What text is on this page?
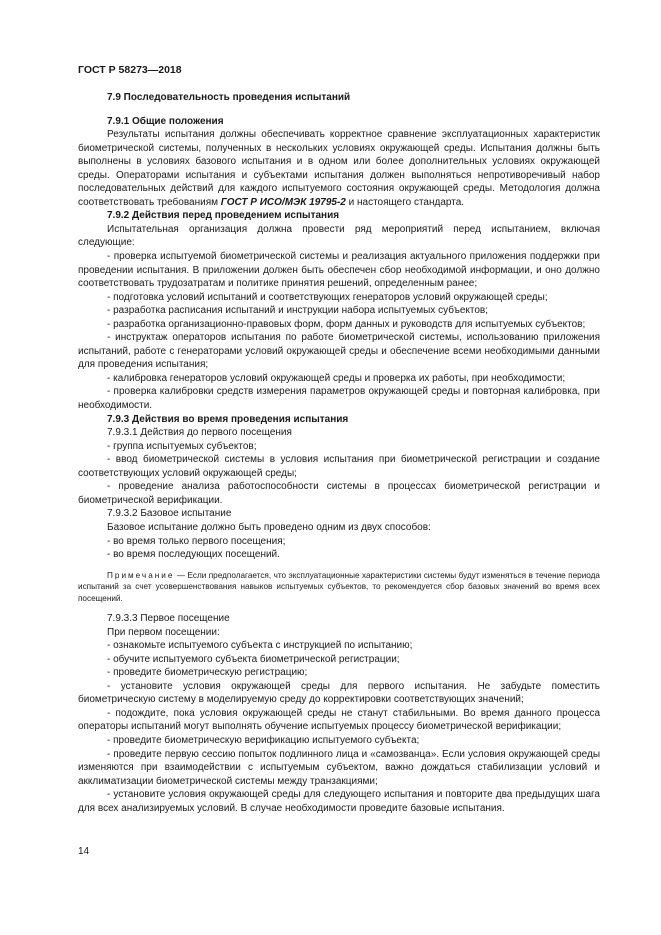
ГОСТ Р 58273—2018

7.9 Последовательность проведения испытаний

7.9.1 Общие положения

Результаты испытания должны обеспечивать корректное сравнение эксплуатационных характеристик биометрической системы, полученных в нескольких условиях окружающей среды. Испытания должны быть выполнены в условиях базового испытания и в одном или более дополнительных условиях окружающей среды. Операторами испытания и субъектами испытания должен выполняться непротиворечивый набор последовательных действий для каждого испытуемого состояния окружающей среды. Методология должна соответствовать требованиям ГОСТ Р ИСО/МЭК 19795-2 и настоящего стандарта.

7.9.2 Действия перед проведением испытания

Испытательная организация должна провести ряд мероприятий перед испытанием, включая следующие:

- проверка испытуемой биометрической системы и реализация актуального приложения поддержки при проведении испытания. В приложении должен быть обеспечен сбор необходимой информации, и оно должно соответствовать трудозатратам и политике принятия решений, определенным ранее;

- подготовка условий испытаний и соответствующих генераторов условий окружающей среды;

- разработка расписания испытаний и инструкции набора испытуемых субъектов;

- разработка организационно-правовых форм, форм данных и руководств для испытуемых субъектов;

- инструктаж операторов испытания по работе биометрической системы, использованию приложения испытаний, работе с генераторами условий окружающей среды и обеспечение всеми необходимыми данными для проведения испытания;

- калибровка генераторов условий окружающей среды и проверка их работы, при необходимости;

- проверка калибровки средств измерения параметров окружающей среды и повторная калибровка, при необходимости.

7.9.3 Действия во время проведения испытания

7.9.3.1 Действия до первого посещения

- группа испытуемых субъектов;

- ввод биометрической системы в условия испытания при биометрической регистрации и создание соответствующих условий окружающей среды;

- проведение анализа работоспособности системы в процессах биометрической регистрации и биометрической верификации.

7.9.3.2 Базовое испытание

Базовое испытание должно быть проведено одним из двух способов:

- во время только первого посещения;

- во время последующих посещений.

Примечание — Если предполагается, что эксплуатационные характеристики системы будут изменяться в течение периода испытаний за счет усовершенствования навыков испытуемых субъектов, то рекомендуется сбор базовых значений во время всех посещений.

7.9.3.3 Первое посещение

При первом посещении:

- ознакомьте испытуемого субъекта с инструкцией по испытанию;

- обучите испытуемого субъекта биометрической регистрации;

- проведите биометрическую регистрацию;

- установите условия окружающей среды для первого испытания. Не забудьте поместить биометрическую систему в моделируемую среду до корректировки соответствующих значений;

- подождите, пока условия окружающей среды не станут стабильными. Во время данного процесса операторы испытаний могут выполнять обучение испытуемых процессу биометрической верификации;

- проведите биометрическую верификацию испытуемого субъекта;

- проведите первую сессию попыток подлинного лица и «самозванца». Если условия окружающей среды изменяются при взаимодействии с испытуемым субъектом, важно дождаться стабилизации условий и акклиматизации биометрической системы между транзакциями;

- установите условия окружающей среды для следующего испытания и повторите два предыдущих шага для всех анализируемых условий. В случае необходимости проведите базовые испытания.

14
